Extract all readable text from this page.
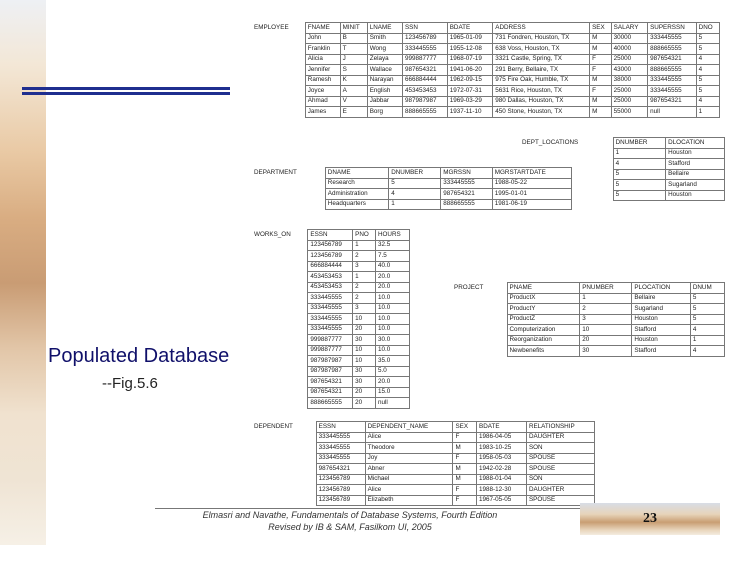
Populated Database
--Fig.5.6
EMPLOYEE	FNAME	MINIT	LNAME	SSN	BDATE	ADDRESS	SEX	SALARY	SUPERSSN	DNO
	John	B	Smith	123456789	1965-01-09	731 Fondren, Houston, TX	M	30000	333445555	5
	Franklin	T	Wong	333445555	1955-12-08	638 Voss, Houston, TX	M	40000	888665555	5
	Alicia	J	Zelaya	999887777	1968-07-19	3321 Castle, Spring, TX	F	25000	987654321	4
	Jennifer	S	Wallace	987654321	1941-06-20	291 Berry, Bellaire, TX	F	43000	888665555	4
	Ramesh	K	Narayan	666884444	1962-09-15	975 Fire Oak, Humble, TX	M	38000	333445555	5
	Joyce	A	English	453453453	1972-07-31	5631 Rice, Houston, TX	F	25000	333445555	5
	Ahmad	V	Jabbar	987987987	1969-03-29	980 Dallas, Houston, TX	M	25000	987654321	4
	James	E	Borg	888665555	1937-11-10	450 Stone, Houston, TX	M	55000	null	1
DEPT_LOCATIONS	DNUMBER	DLOCATION
	1	Houston
	4	Stafford
	5	Bellaire
	5	Sugarland
	5	Houston
DEPARTMENT	DNAME	DNUMBER	MGRSSN	MGRSTARTDATE
	Research	5	333445555	1988-05-22
	Administration	4	987654321	1995-01-01
	Headquarters	1	888665555	1981-06-19
WORKS_ON	ESSN	PNO	HOURS
	123456789	1	32.5
	123456789	2	7.5
	666884444	3	40.0
	453453453	1	20.0
	453453453	2	20.0
	333445555	2	10.0
	333445555	3	10.0
	333445555	10	10.0
	333445555	20	10.0
	999887777	30	30.0
	999887777	10	10.0
	987987987	10	35.0
	987987987	30	5.0
	987654321	30	20.0
	987654321	20	15.0
	888665555	20	null
PROJECT	PNAME	PNUMBER	PLOCATION	DNUM
	ProductX	1	Bellaire	5
	ProductY	2	Sugarland	5
	ProductZ	3	Houston	5
	Computerization	10	Stafford	4
	Reorganization	20	Houston	1
	Newbenefits	30	Stafford	4
DEPENDENT	ESSN	DEPENDENT_NAME	SEX	BDATE	RELATIONSHIP
	333445555	Alice	F	1986-04-05	DAUGHTER
	333445555	Theodore	M	1983-10-25	SON
	333445555	Joy	F	1958-05-03	SPOUSE
	987654321	Abner	M	1942-02-28	SPOUSE
	123456789	Michael	M	1988-01-04	SON
	123456789	Alice	F	1988-12-30	DAUGHTER
	123456789	Elizabeth	F	1967-05-05	SPOUSE
Elmasri and Navathe, Fundamentals of Database Systems, Fourth Edition
Revised by IB & SAM, Fasilkom UI, 2005
23
